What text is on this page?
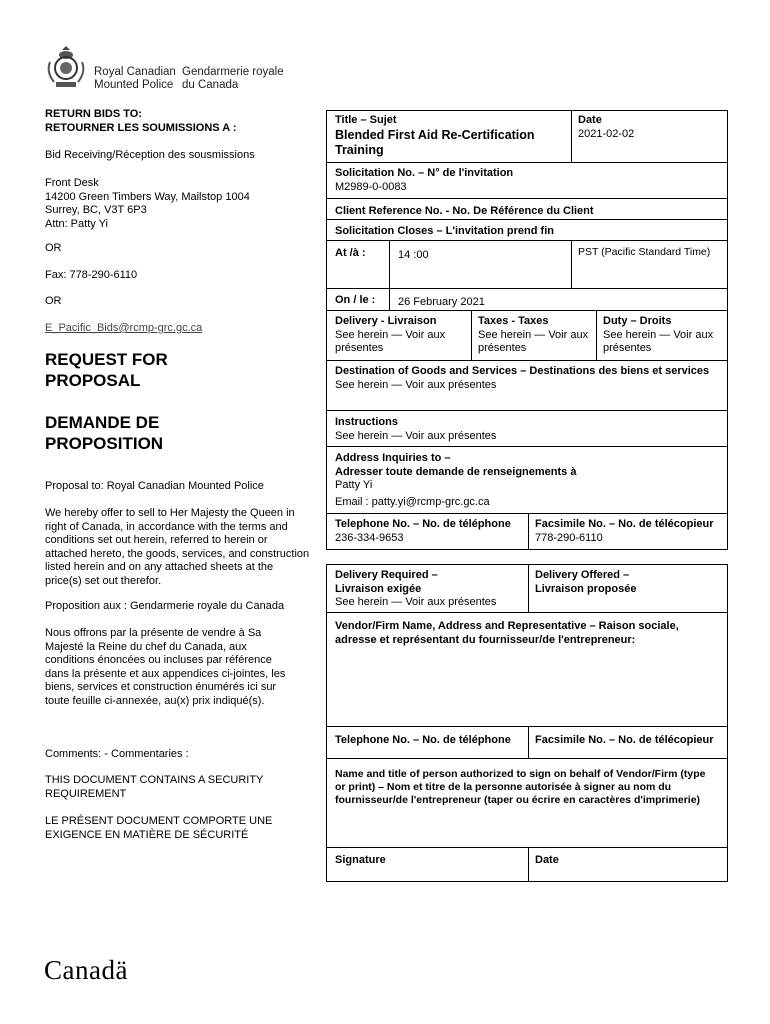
Royal Canadian
Mounted Police
Gendarmerie royale
du Canada
RETURN BIDS TO:
RETOURNER LES SOUMISSIONS A :
Bid Receiving/Réception des sousmissions
Front Desk
14200 Green Timbers Way, Mailstop 1004
Surrey, BC, V3T 6P3
Attn: Patty Yi
OR
Fax: 778-290-6110
OR
E_Pacific_Bids@rcmp-grc.gc.ca
REQUEST FOR
PROPOSAL
DEMANDE DE
PROPOSITION
Proposal to: Royal Canadian Mounted Police
We hereby offer to sell to Her Majesty the Queen in right of Canada, in accordance with the terms and conditions set out herein, referred to herein or attached hereto, the goods, services, and construction listed herein and on any attached sheets at the price(s) set out therefor.
Proposition aux : Gendarmerie royale du Canada
Nous offrons par la présente de vendre à Sa Majesté la Reine du chef du Canada, aux conditions énoncées ou incluses par référence dans la présente et aux appendices ci-jointes, les biens, services et construction énumérés ici sur toute feuille ci-annexée, au(x) prix indiqué(s).
Comments: - Commentaries :
THIS DOCUMENT CONTAINS A SECURITY REQUIREMENT
LE PRÉSENT DOCUMENT COMPORTE UNE EXIGENCE EN MATIÈRE DE SÉCURITÉ
Title – Sujet
Blended First Aid Re-Certification Training
Date
2021-02-02
Solicitation No. – N° de l'invitation
M2989-0-0083
Client Reference No. - No. De Référence du Client
Solicitation Closes – L'invitation prend fin
At /à :	14 :00	PST (Pacific Standard Time)
On / le :	26 February 2021
Delivery - Livraison
See herein — Voir aux présentes
Taxes - Taxes
See herein — Voir aux présentes
Duty – Droits
See herein — Voir aux présentes
Destination of Goods and Services – Destinations des biens et services
See herein — Voir aux présentes
Instructions
See herein — Voir aux présentes
Address Inquiries to –
Adresser toute demande de renseignements à
Patty Yi
Email : patty.yi@rcmp-grc.gc.ca
Telephone No. – No. de téléphone
236-334-9653
Facsimile No. – No. de télécopieur
778-290-6110
Delivery Required –
Livraison exigée
See herein — Voir aux présentes
Delivery Offered –
Livraison proposée
Vendor/Firm Name, Address and Representative – Raison sociale, adresse et représentant du fournisseur/de l'entrepreneur:
Telephone No. – No. de téléphone	Facsimile No. – No. de télécopieur
Name and title of person authorized to sign on behalf of Vendor/Firm (type or print) – Nom et titre de la personne autorisée à signer au nom du fournisseur/de l'entrepreneur (taper ou écrire en caractères d'imprimerie)
Signature	Date
Canadä
